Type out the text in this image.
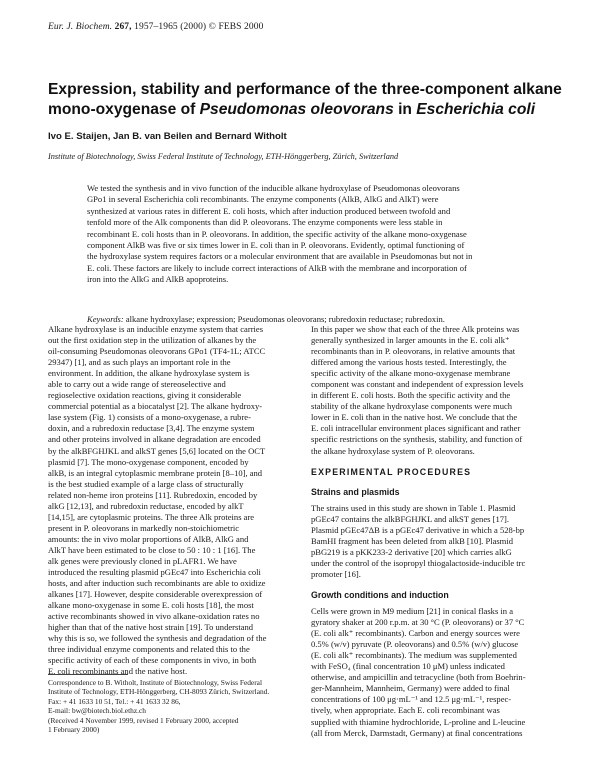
Eur. J. Biochem. 267, 1957–1965 (2000) © FEBS 2000
Expression, stability and performance of the three-component alkane
mono-oxygenase of Pseudomonas oleovorans in Escherichia coli
Ivo E. Staijen, Jan B. van Beilen and Bernard Witholt
Institute of Biotechnology, Swiss Federal Institute of Technology, ETH-Hönggerberg, Zürich, Switzerland
We tested the synthesis and in vivo function of the inducible alkane hydroxylase of Pseudomonas oleovorans
GPo1 in several Escherichia coli recombinants. The enzyme components (AlkB, AlkG and AlkT) were
synthesized at various rates in different E. coli hosts, which after induction produced between twofold and
tenfold more of the Alk components than did P. oleovorans. The enzyme components were less stable in
recombinant E. coli hosts than in P. oleovorans. In addition, the specific activity of the alkane mono-oxygenase
component AlkB was five or six times lower in E. coli than in P. oleovorans. Evidently, optimal functioning of
the hydroxylase system requires factors or a molecular environment that are available in Pseudomonas but not in
E. coli. These factors are likely to include correct interactions of AlkB with the membrane and incorporation of
iron into the AlkG and AlkB apoproteins.
Keywords: alkane hydroxylase; expression; Pseudomonas oleovorans; rubredoxin reductase; rubredoxin.

Alkane hydroxylase is an inducible enzyme system that carries

out the first oxidation step in the utilization of alkanes by the

oil-consuming Pseudomonas oleovorans GPo1 (TF4-1L; ATCC

29347) [1], and as such plays an important role in the

environment. In addition, the alkane hydroxylase system is

able to carry out a wide range of stereoselective and

regioselective oxidation reactions, giving it considerable

commercial potential as a biocatalyst [2]. The alkane hydroxy-

lase system (Fig. 1) consists of a mono-oxygenase, a rubre-

doxin, and a rubredoxin reductase [3,4]. The enzyme system

and other proteins involved in alkane degradation are encoded

by the alkBFGHJKL and alkST genes [5,6] located on the OCT

plasmid [7]. The mono-oxygenase component, encoded by

alkB, is an integral cytoplasmic membrane protein [8–10], and

is the best studied example of a large class of structurally

related non-heme iron proteins [11]. Rubredoxin, encoded by

alkG [12,13], and rubredoxin reductase, encoded by alkT

[14,15], are cytoplasmic proteins. The three Alk proteins are

present in P. oleovorans in markedly non-stoichiometric

amounts: the in vivo molar proportions of AlkB, AlkG and

AlkT have been estimated to be close to 50 : 10 : 1 [16]. The

alk genes were previously cloned in pLAFR1. We have

introduced the resulting plasmid pGEc47 into Escherichia coli

hosts, and after induction such recombinants are able to oxidize

alkanes [17]. However, despite considerable overexpression of

alkane mono-oxygenase in some E. coli hosts [18], the most

active recombinants showed in vivo alkane-oxidation rates no

higher than that of the native host strain [19]. To understand

why this is so, we followed the synthesis and degradation of the

three individual enzyme components and related this to the

specific activity of each of these components in vivo, in both

E. coli recombinants and the native host.

Correspondence to B. Witholt, Institute of Biotechnology, Swiss Federal
Institute of Technology, ETH-Hönggerberg, CH-8093 Zürich, Switzerland.
Fax: + 41 1633 10 51, Tel.: + 41 1633 32 86,
E-mail: bw@biotech.biol.ethz.ch
(Received 4 November 1999, revised 1 February 2000, accepted
1 February 2000)

In this paper we show that each of the three Alk proteins was

generally synthesized in larger amounts in the E. coli alk⁺

recombinants than in P. oleovorans, in relative amounts that

differed among the various hosts tested. Interestingly, the

specific activity of the alkane mono-oxygenase membrane

component was constant and independent of expression levels

in different E. coli hosts. Both the specific activity and the

stability of the alkane hydroxylase components were much

lower in E. coli than in the native host. We conclude that the

E. coli intracellular environment places significant and rather

specific restrictions on the synthesis, stability, and function of

the alkane hydroxylase system of P. oleovorans.

EXPERIMENTAL PROCEDURES

Strains and plasmids

The strains used in this study are shown in Table 1. Plasmid

pGEc47 contains the alkBFGHJKL and alkST genes [17].

Plasmid pGEc47ΔB is a pGEc47 derivative in which a 528-bp

BamHI fragment has been deleted from alkB [10]. Plasmid

pBG219 is a pKK233-2 derivative [20] which carries alkG

under the control of the isopropyl thiogalactoside-inducible trc

promoter [16].

Growth conditions and induction

Cells were grown in M9 medium [21] in conical flasks in a

gyratory shaker at 200 r.p.m. at 30 °C (P. oleovorans) or 37 °C

(E. coli alk⁺ recombinants). Carbon and energy sources were

0.5% (w/v) pyruvate (P. oleovorans) and 0.5% (w/v) glucose

(E. coli alk⁺ recombinants). The medium was supplemented

with FeSO₄ (final concentration 10 μM) unless indicated

otherwise, and ampicillin and tetracycline (both from Boehrin-

ger-Mannheim, Mannheim, Germany) were added to final

concentrations of 100 μg·mL⁻¹ and 12.5 μg·mL⁻¹, respec-

tively, when appropriate. Each E. coli recombinant was

supplied with thiamine hydrochloride, L-proline and L-leucine

(all from Merck, Darmstadt, Germany) at final concentrations
